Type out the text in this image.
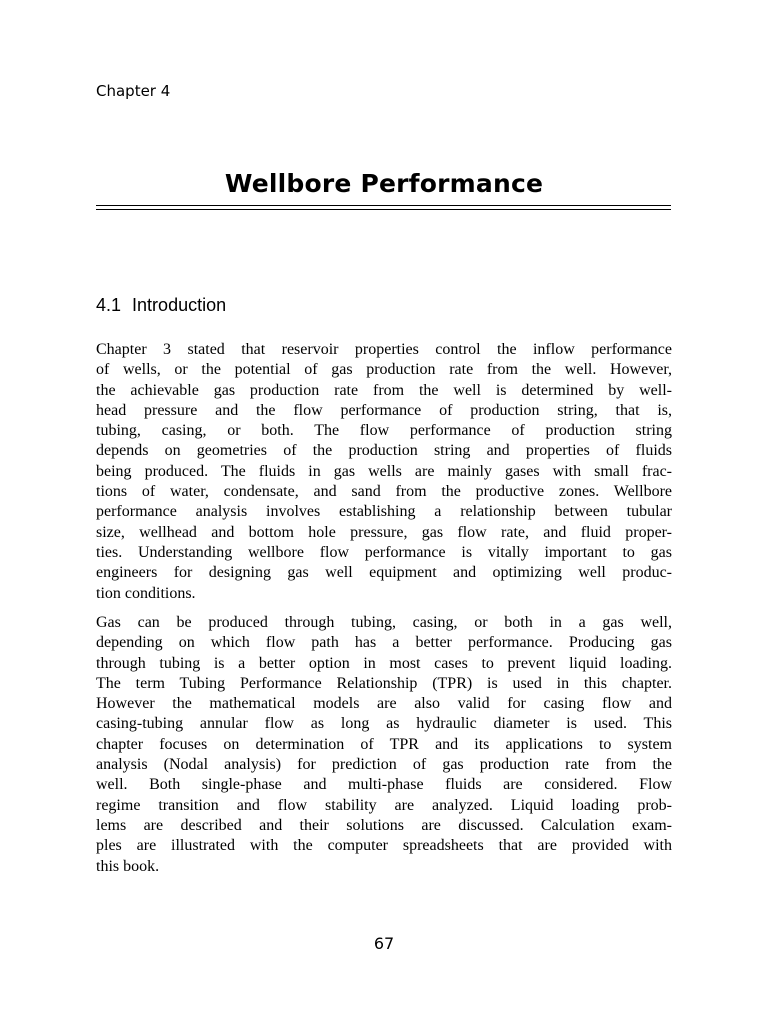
Chapter 4
Wellbore Performance
4.1 Introduction

Chapter 3 stated that reservoir properties control the inflow performance
of wells, or the potential of gas production rate from the well. However,
the achievable gas production rate from the well is determined by well-
head pressure and the flow performance of production string, that is,
tubing, casing, or both. The flow performance of production string
depends on geometries of the production string and properties of fluids
being produced. The fluids in gas wells are mainly gases with small frac-
tions of water, condensate, and sand from the productive zones. Wellbore
performance analysis involves establishing a relationship between tubular
size, wellhead and bottom hole pressure, gas flow rate, and fluid proper-
ties. Understanding wellbore flow performance is vitally important to gas
engineers for designing gas well equipment and optimizing well produc-
tion conditions.

Gas can be produced through tubing, casing, or both in a gas well,
depending on which flow path has a better performance. Producing gas
through tubing is a better option in most cases to prevent liquid loading.
The term Tubing Performance Relationship (TPR) is used in this chapter.
However the mathematical models are also valid for casing flow and
casing-tubing annular flow as long as hydraulic diameter is used. This
chapter focuses on determination of TPR and its applications to system
analysis (Nodal analysis) for prediction of gas production rate from the
well. Both single-phase and multi-phase fluids are considered. Flow
regime transition and flow stability are analyzed. Liquid loading prob-
lems are described and their solutions are discussed. Calculation exam-
ples are illustrated with the computer spreadsheets that are provided with
this book.

67
